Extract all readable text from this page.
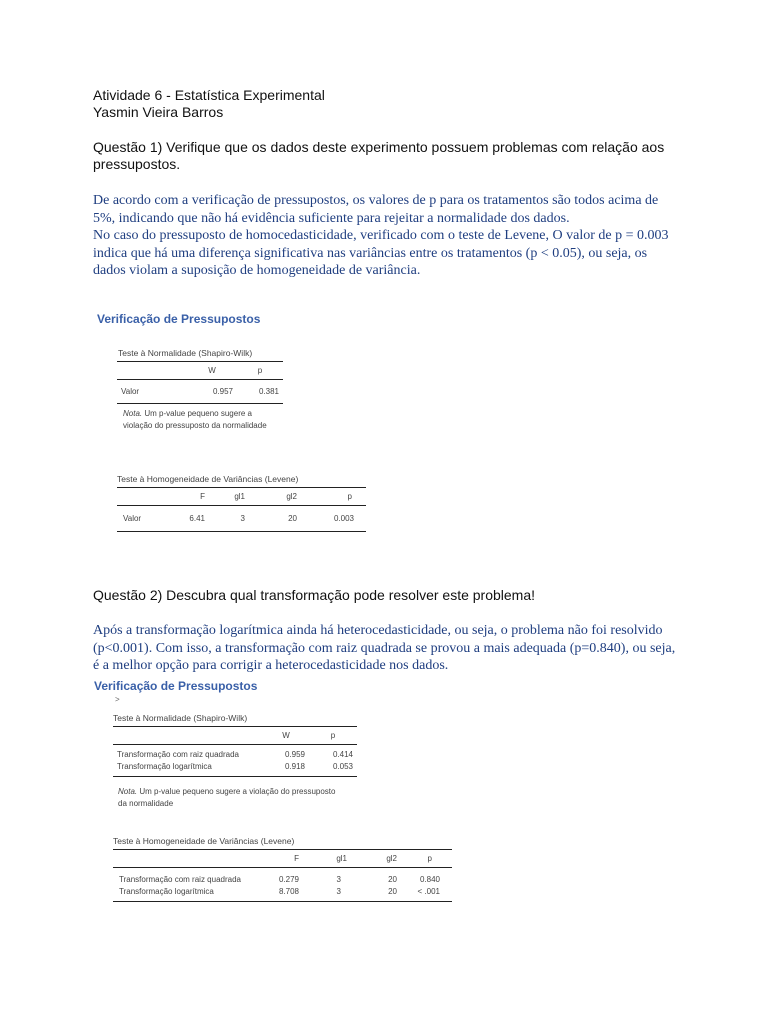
Atividade 6 - Estatística Experimental
Yasmin Vieira Barros
Questão 1) Verifique que os dados deste experimento possuem problemas com relação aos pressupostos.

De acordo com a verificação de pressupostos, os valores de p para os tratamentos são todos acima de 5%, indicando que não há evidência suficiente para rejeitar a normalidade dos dados.

No caso do pressuposto de homocedasticidade, verificado com o teste de Levene, O valor de p = 0.003 indica que há uma diferença significativa nas variâncias entre os tratamentos (p < 0.05), ou seja, os dados violam a suposição de homogeneidade de variância.

Verificação de Pressupostos
Teste à Normalidade (Shapiro-Wilk)
	W	p
Valor	0.957	0.381
Nota. Um p-value pequeno sugere a violação do pressuposto da normalidade
Teste à Homogeneidade de Variâncias (Levene)
	F	gl1	gl2	p
Valor	6.41	3	20	0.003
Questão 2) Descubra qual transformação pode resolver este problema!
Após a transformação logarítmica ainda há heterocedasticidade, ou seja, o problema não foi resolvido (p<0.001). Com isso, a transformação com raiz quadrada se provou a mais adequada (p=0.840), ou seja, é a melhor opção para corrigir a heterocedasticidade nos dados.
Verificação de Pressupostos
>
Teste à Normalidade (Shapiro-Wilk)
	W	p
Transformação com raiz quadrada	0.959	0.414
Transformação logarítmica	0.918	0.053
Nota. Um p-value pequeno sugere a violação do pressuposto da normalidade
Teste à Homogeneidade de Variâncias (Levene)
	F	gl1	gl2	p
Transformação com raiz quadrada	0.279	3	20	0.840
Transformação logarítmica	8.708	3	20	< .001
